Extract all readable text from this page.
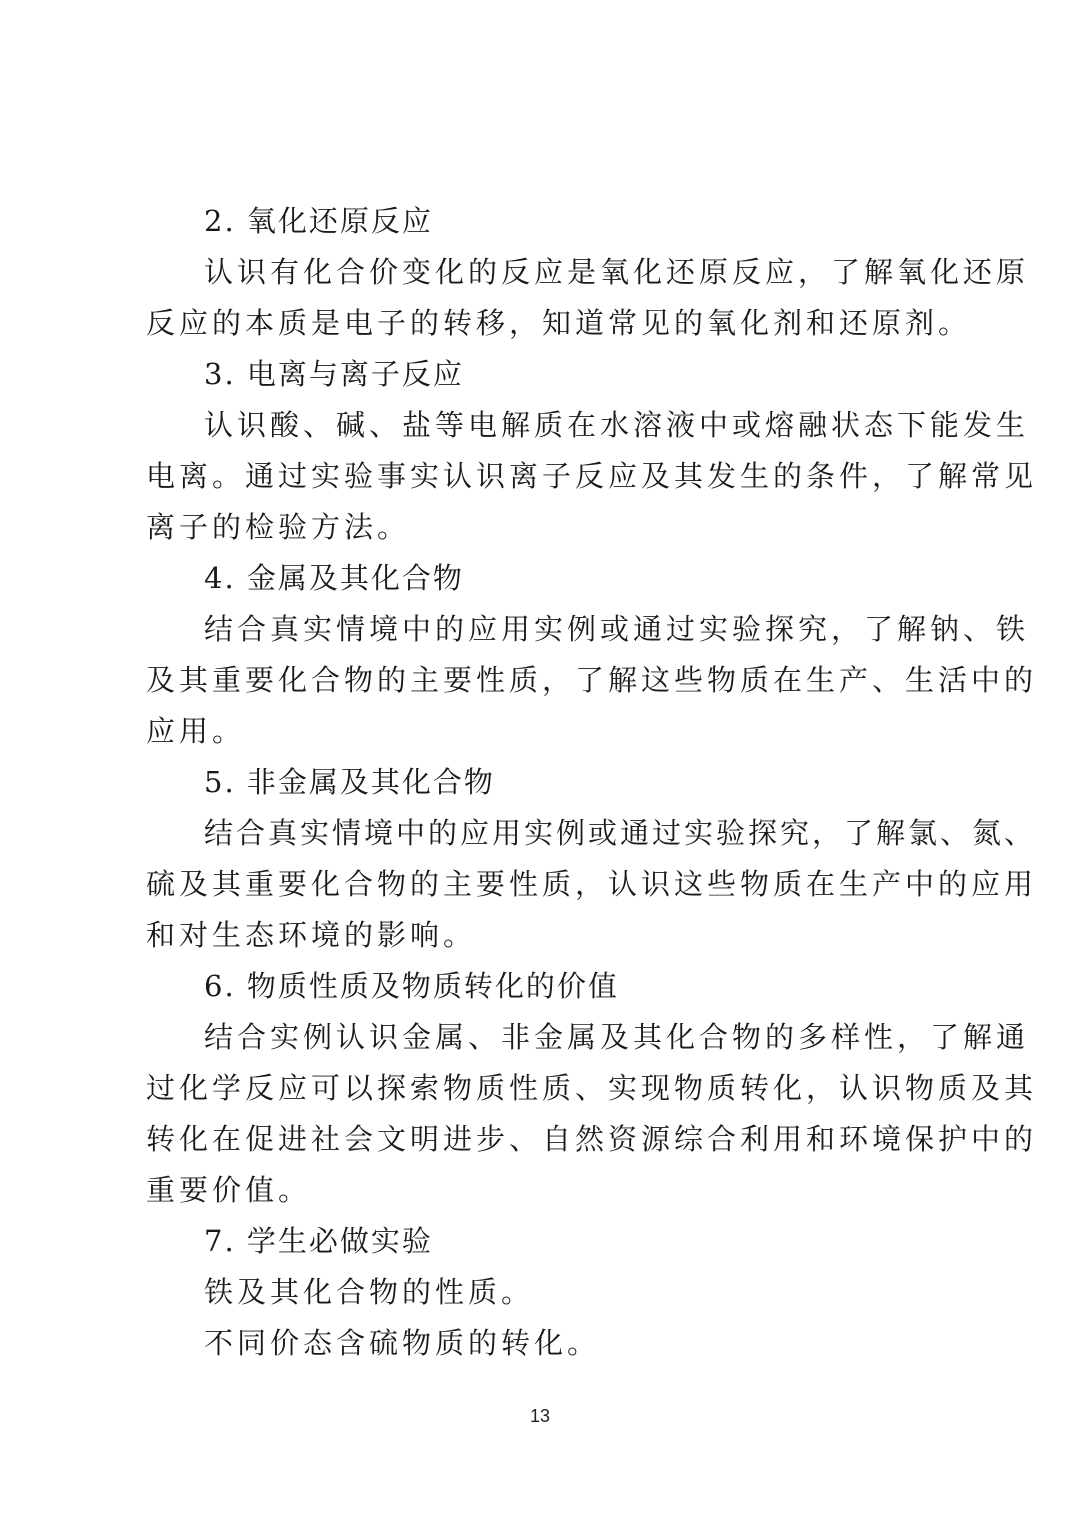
2. 氧化还原反应
认识有化合价变化的反应是氧化还原反应，了解氧化还原
反应的本质是电子的转移，知道常见的氧化剂和还原剂。
3. 电离与离子反应
认识酸、碱、盐等电解质在水溶液中或熔融状态下能发生
电离。通过实验事实认识离子反应及其发生的条件，了解常见
离子的检验方法。
4. 金属及其化合物
结合真实情境中的应用实例或通过实验探究，了解钠、铁
及其重要化合物的主要性质，了解这些物质在生产、生活中的
应用。
5. 非金属及其化合物
结合真实情境中的应用实例或通过实验探究，了解氯、氮、
硫及其重要化合物的主要性质，认识这些物质在生产中的应用
和对生态环境的影响。
6. 物质性质及物质转化的价值
结合实例认识金属、非金属及其化合物的多样性，了解通
过化学反应可以探索物质性质、实现物质转化，认识物质及其
转化在促进社会文明进步、自然资源综合利用和环境保护中的
重要价值。
7. 学生必做实验
铁及其化合物的性质。
不同价态含硫物质的转化。
13
